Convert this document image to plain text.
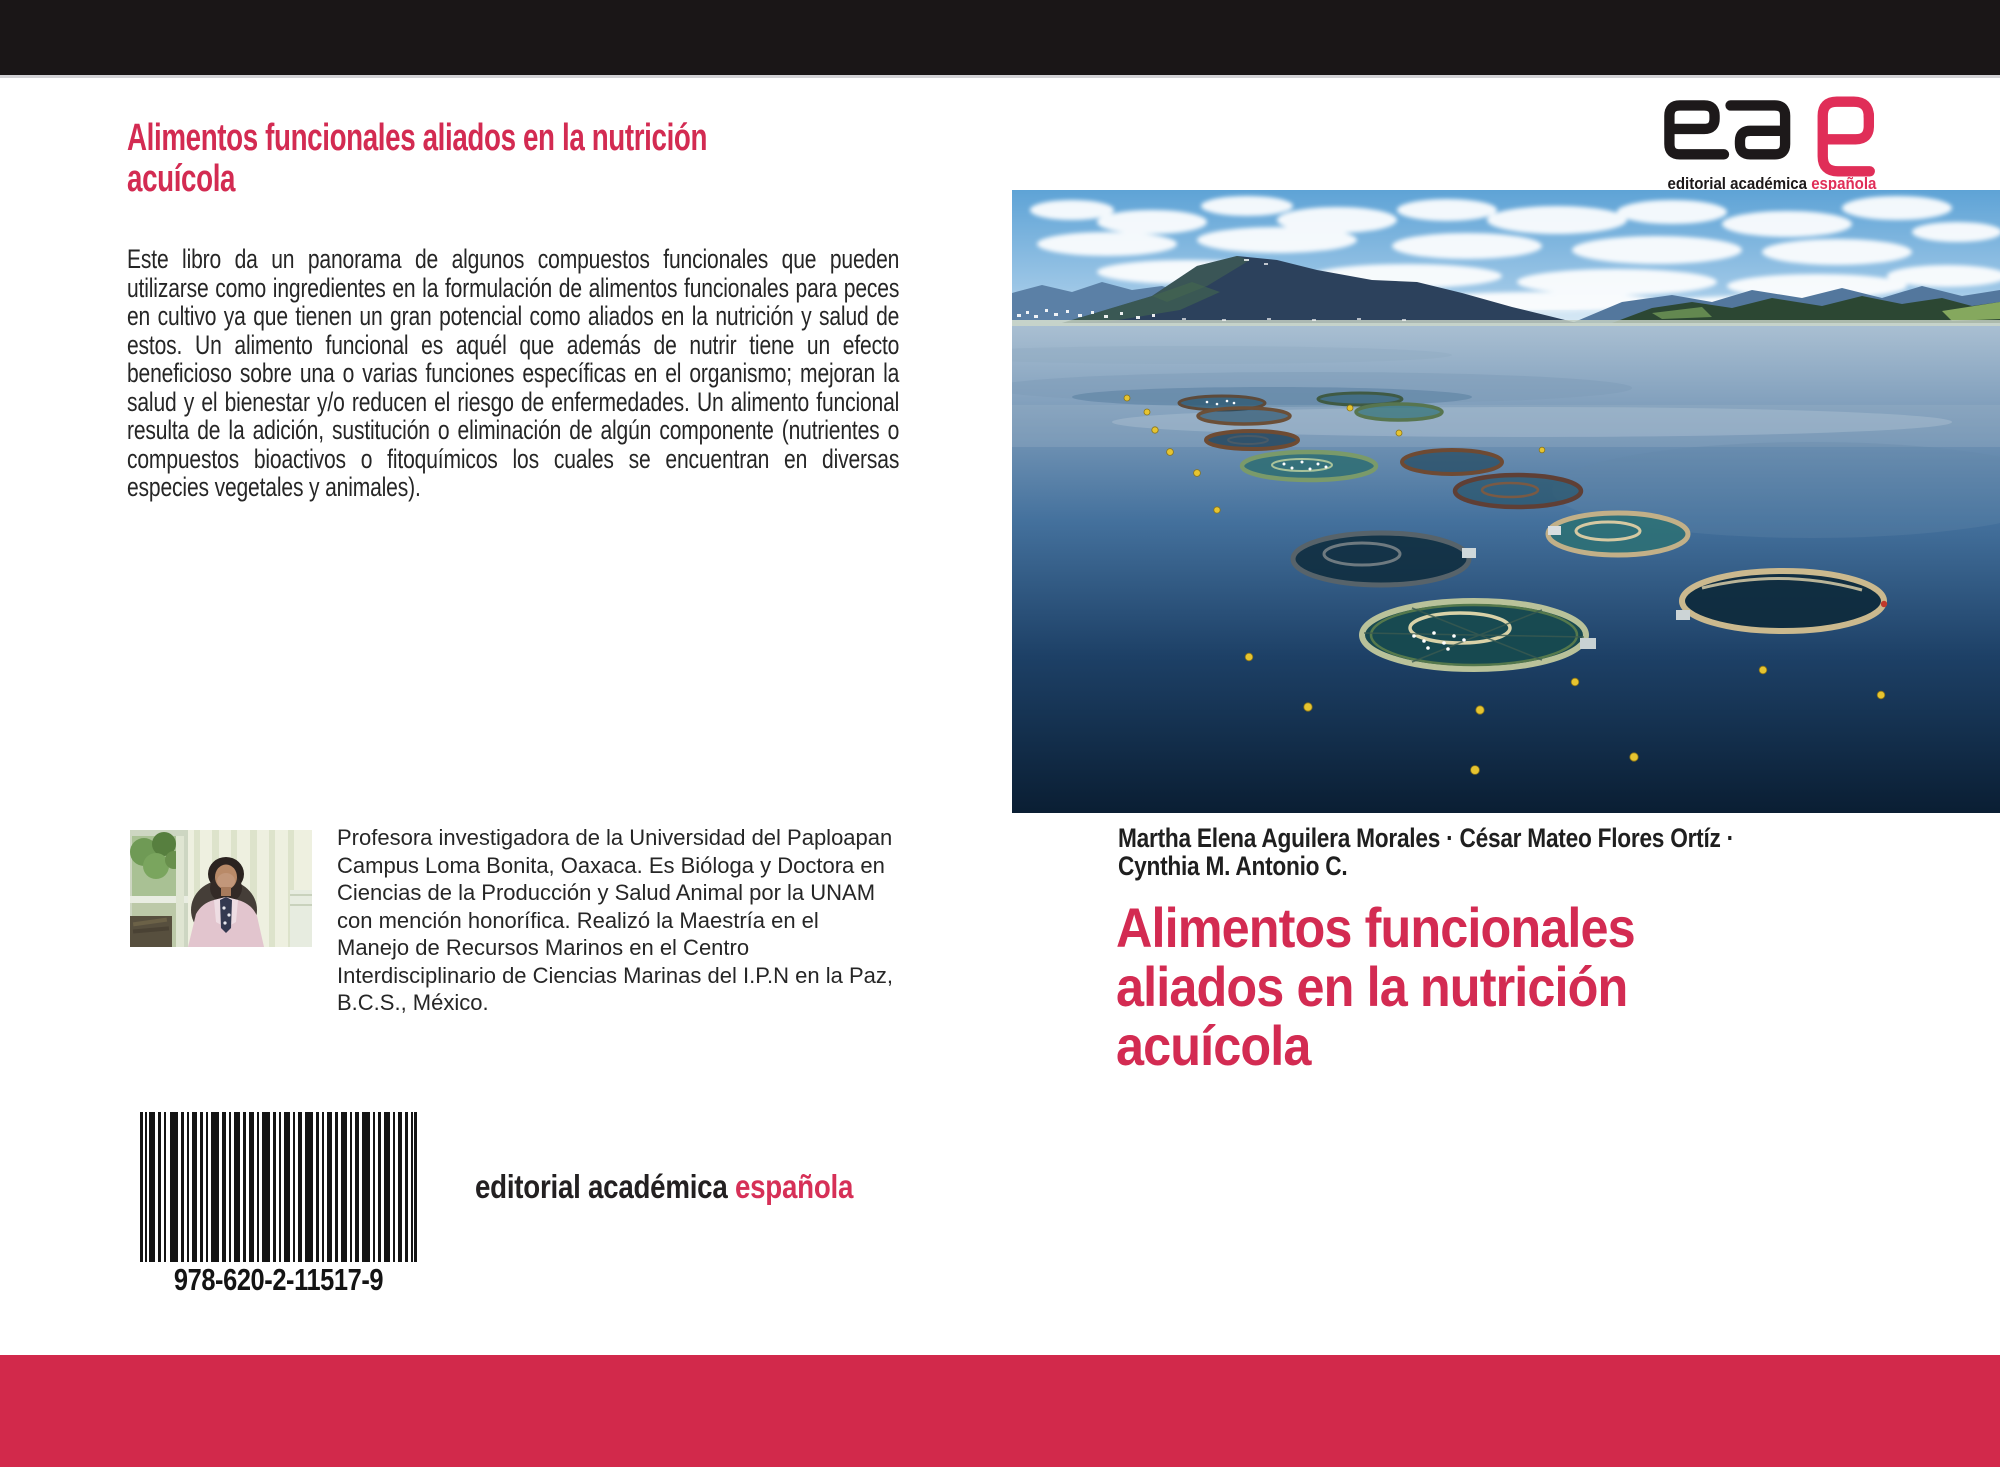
Alimentos funcionales aliados en la nutrición
acuícola
Este libro da un panorama de algunos compuestos funcionales que pueden utilizarse como ingredientes en la formulación de alimentos funcionales para peces en cultivo ya que tienen un gran potencial como aliados en la nutrición y salud de estos. Un alimento funcional es aquél que además de nutrir tiene un efecto beneficioso sobre una o varias funciones específicas en el organismo; mejoran la salud y el bienestar y/o reducen el riesgo de enfermedades. Un alimento funcional resulta de la adición, sustitución o eliminación de algún componente (nutrientes o compuestos bioactivos o fitoquímicos los cuales se encuentran en diversas especies vegetales y animales).
Profesora investigadora de la Universidad del Paploapan Campus Loma Bonita, Oaxaca. Es Bióloga y Doctora en Ciencias de la Producción y Salud Animal por la UNAM con mención honorífica. Realizó la Maestría en el Manejo de Recursos Marinos en el Centro Interdisciplinario de Ciencias Marinas del I.P.N en la Paz, B.C.S., México.
978-620-2-11517-9
editorial académica española
editorial académica española
Martha Elena Aguilera Morales · César Mateo Flores Ortíz ·
Cynthia M. Antonio C.
Alimentos funcionales
aliados en la nutrición
acuícola
